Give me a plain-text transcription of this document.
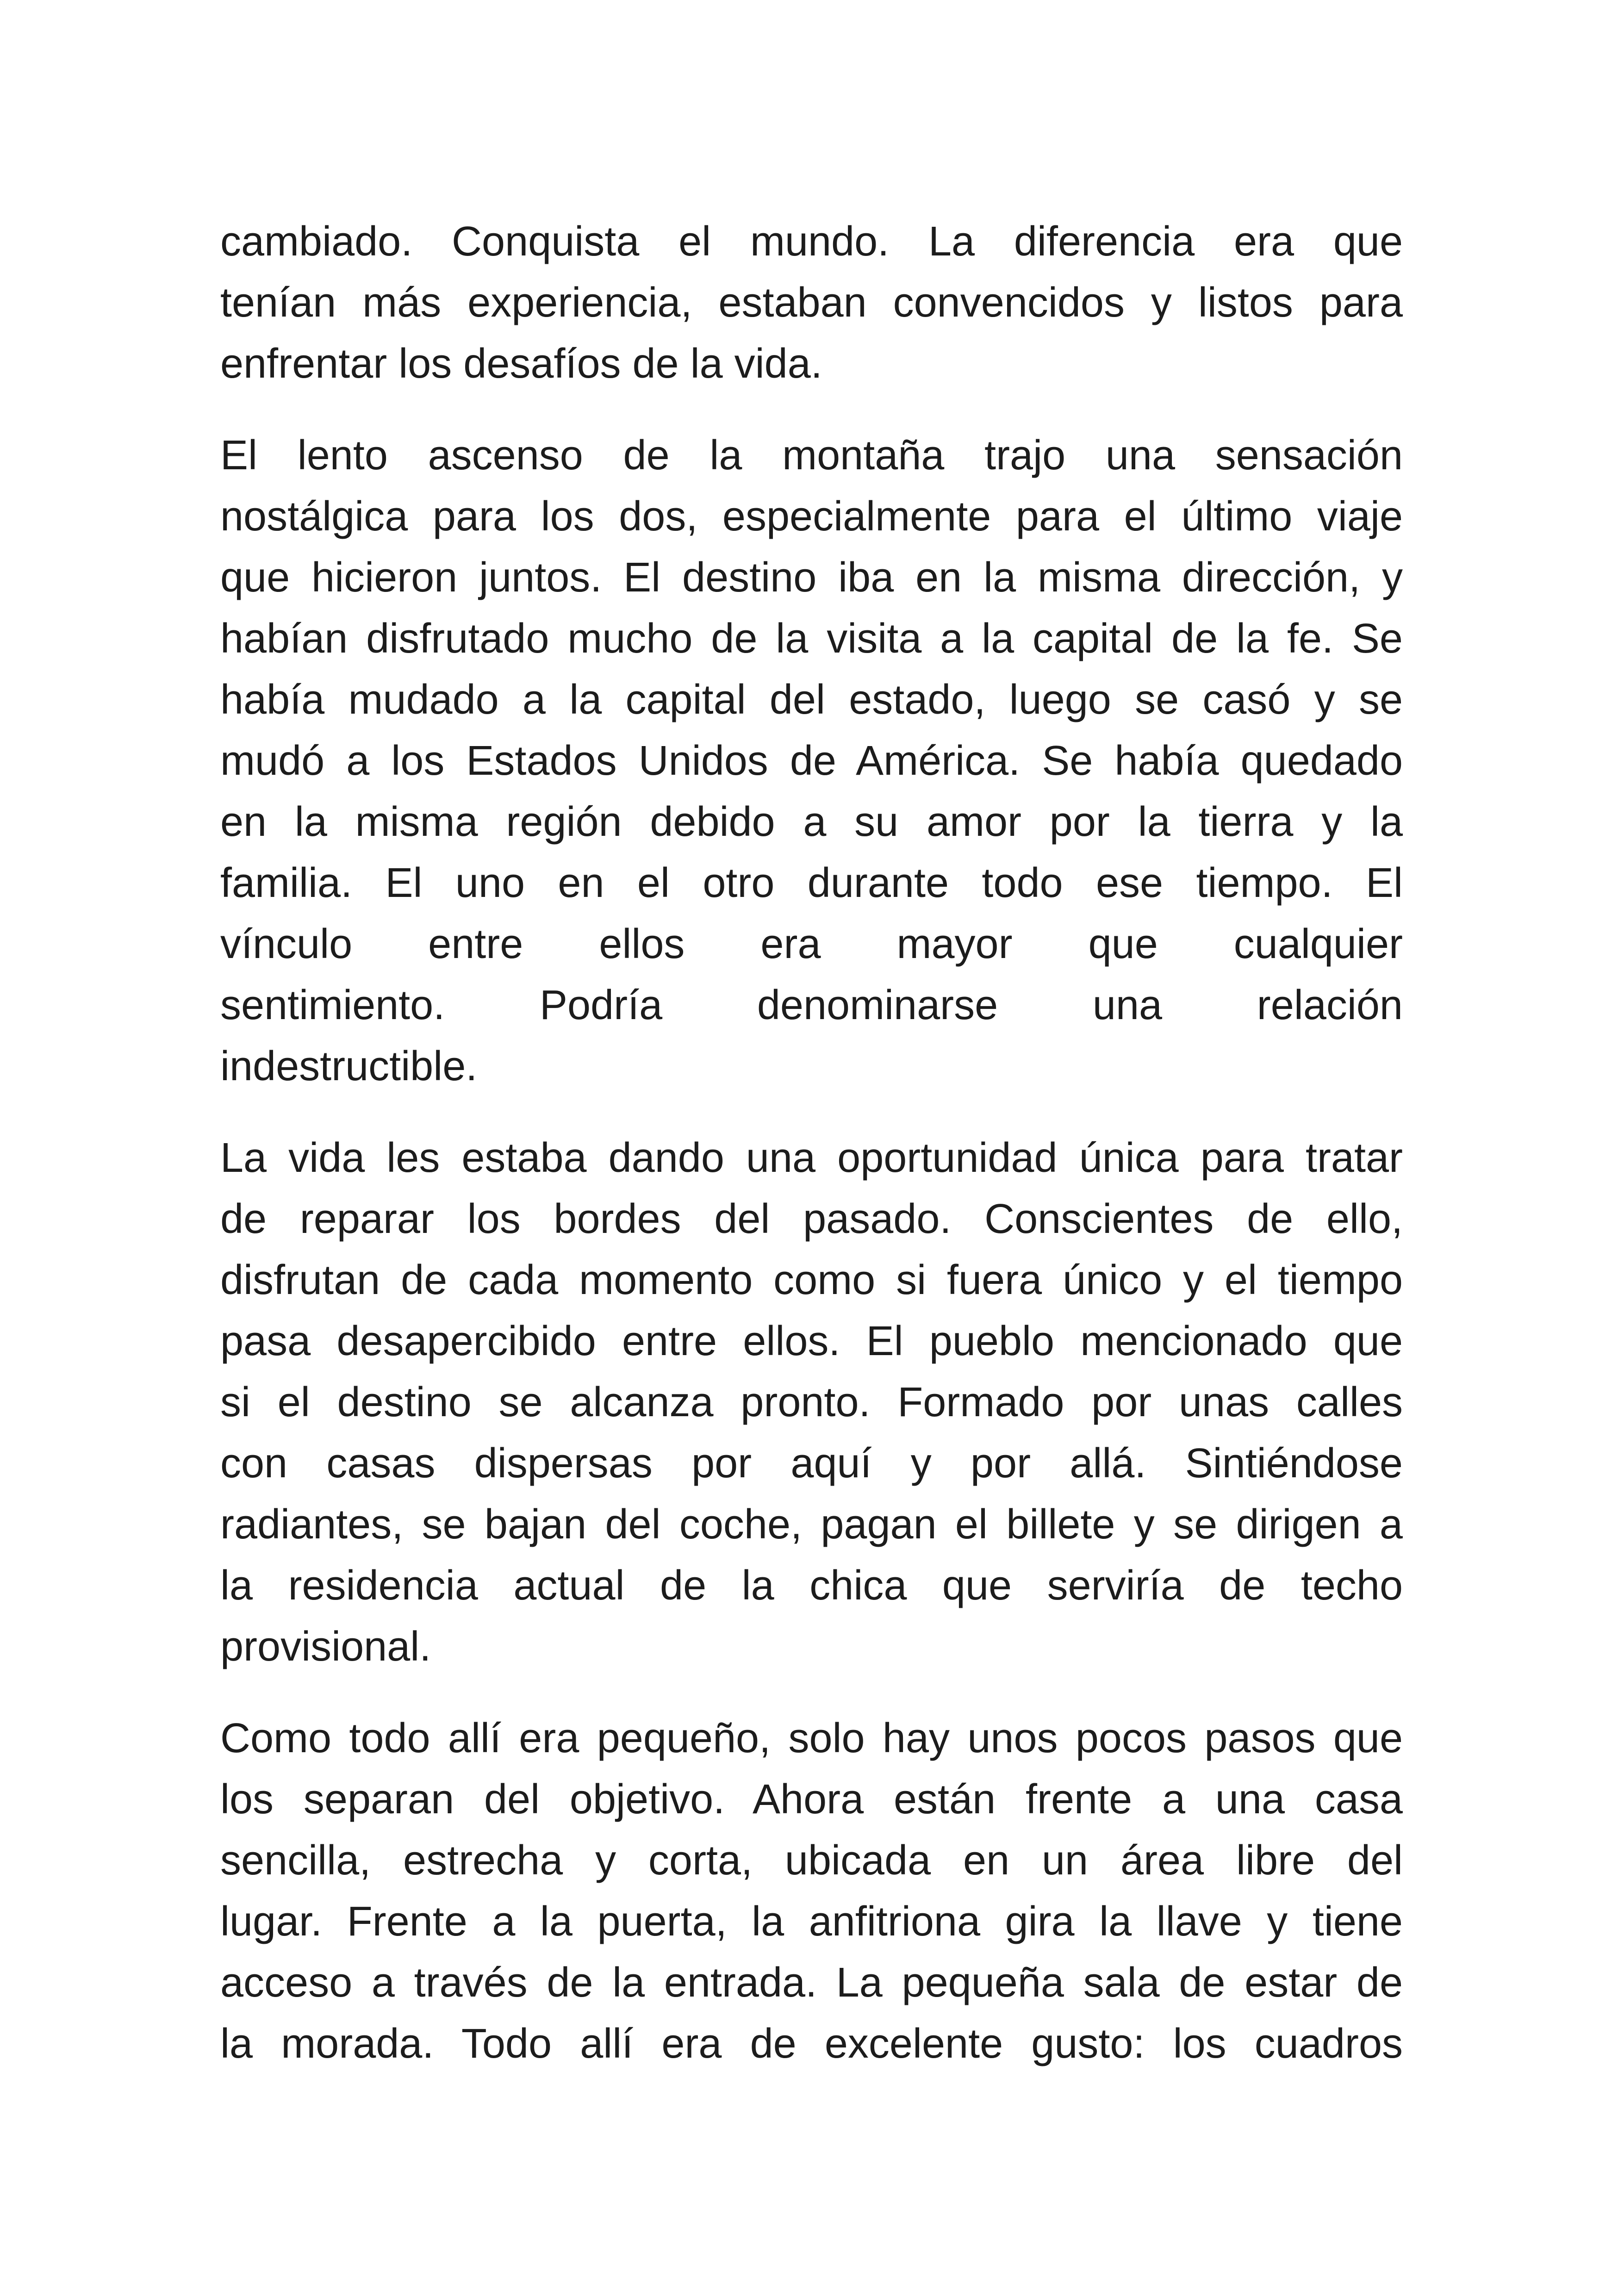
cambiado. Conquista el mundo. La diferencia era que
tenían más experiencia, estaban convencidos y listos para
enfrentar los desafíos de la vida.

El lento ascenso de la montaña trajo una sensación
nostálgica para los dos, especialmente para el último viaje
que hicieron juntos. El destino iba en la misma dirección, y
habían disfrutado mucho de la visita a la capital de la fe. Se
había mudado a la capital del estado, luego se casó y se
mudó a los Estados Unidos de América. Se había quedado
en la misma región debido a su amor por la tierra y la
familia. El uno en el otro durante todo ese tiempo. El
vínculo entre ellos era mayor que cualquier
sentimiento. Podría denominarse una relación
indestructible.

La vida les estaba dando una oportunidad única para tratar
de reparar los bordes del pasado. Conscientes de ello,
disfrutan de cada momento como si fuera único y el tiempo
pasa desapercibido entre ellos. El pueblo mencionado que
si el destino se alcanza pronto. Formado por unas calles
con casas dispersas por aquí y por allá. Sintiéndose
radiantes, se bajan del coche, pagan el billete y se dirigen a
la residencia actual de la chica que serviría de techo
provisional.

Como todo allí era pequeño, solo hay unos pocos pasos que
los separan del objetivo. Ahora están frente a una casa
sencilla, estrecha y corta, ubicada en un área libre del
lugar. Frente a la puerta, la anfitriona gira la llave y tiene
acceso a través de la entrada. La pequeña sala de estar de
la morada. Todo allí era de excelente gusto: los cuadros
